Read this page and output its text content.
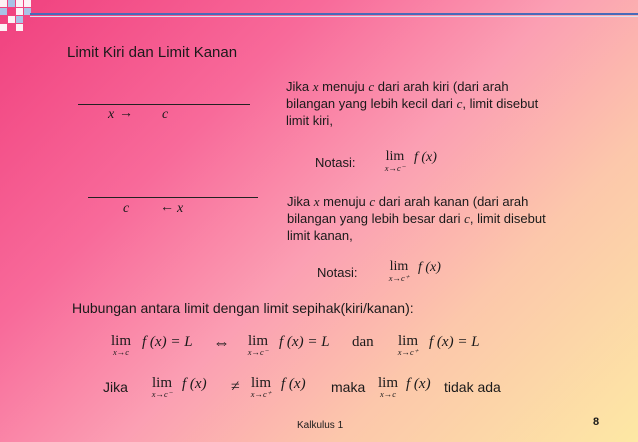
Limit Kiri dan Limit Kanan
x → c
Jika x menuju c dari arah kiri (dari arah
bilangan yang lebih kecil dari c, limit disebut
limit kiri,
Notasi:	lim
x→c⁻
f (x)
c ← x	Jika x menuju c dari arah kanan (dari arah
bilangan yang lebih besar dari c, limit disebut
limit kanan,
Notasi:	lim
x→c⁺
f (x)
Hubungan antara limit dengan limit sepihak(kiri/kanan):
lim
x→c
f (x) = L ⇔	lim
x→c⁻
f (x) = L dan	lim
x→c⁺
f (x) = L
Jika	lim
x→c⁻
f (x) ≠ lim
x→c⁺
f (x) maka lim
x→c
f (x) tidak ada
Kalkulus 1	8
